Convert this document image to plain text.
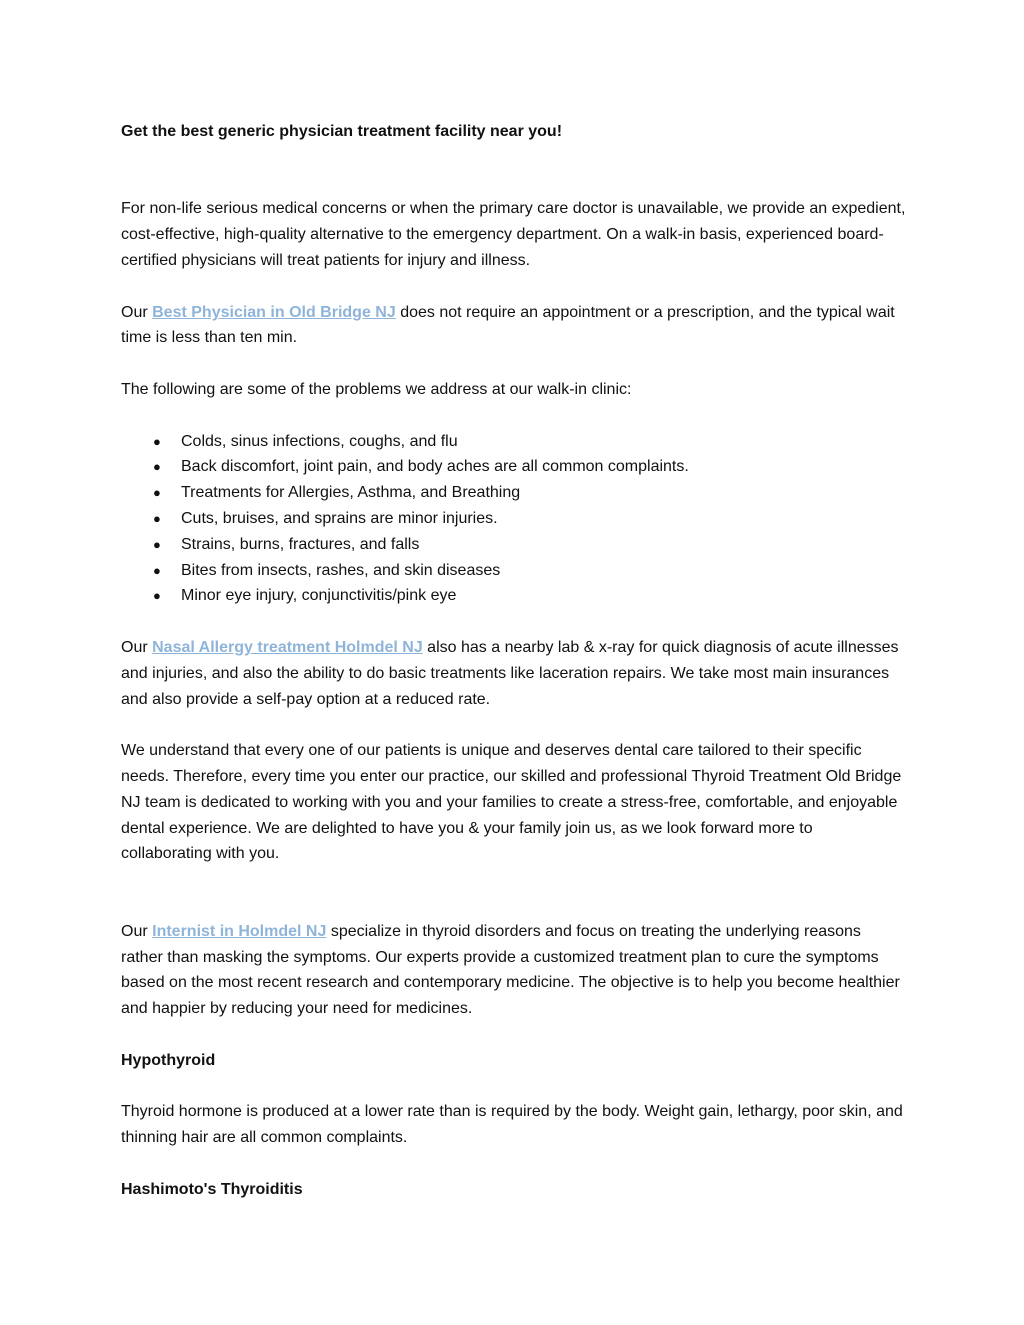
Get the best generic physician treatment facility near you!

For non-life serious medical concerns or when the primary care doctor is unavailable, we provide an expedient, cost-effective, high-quality alternative to the emergency department. On a walk-in basis, experienced board-certified physicians will treat patients for injury and illness.

Our Best Physician in Old Bridge NJ does not require an appointment or a prescription, and the typical wait time is less than ten min.

The following are some of the problems we address at our walk-in clinic:

● Colds, sinus infections, coughs, and flu
● Back discomfort, joint pain, and body aches are all common complaints.
● Treatments for Allergies, Asthma, and Breathing
● Cuts, bruises, and sprains are minor injuries.
● Strains, burns, fractures, and falls
● Bites from insects, rashes, and skin diseases
● Minor eye injury, conjunctivitis/pink eye

Our Nasal Allergy treatment Holmdel NJ also has a nearby lab & x-ray for quick diagnosis of acute illnesses and injuries, and also the ability to do basic treatments like laceration repairs. We take most main insurances and also provide a self-pay option at a reduced rate.

We understand that every one of our patients is unique and deserves dental care tailored to their specific needs. Therefore, every time you enter our practice, our skilled and professional Thyroid Treatment Old Bridge NJ team is dedicated to working with you and your families to create a stress-free, comfortable, and enjoyable dental experience. We are delighted to have you & your family join us, as we look forward more to collaborating with you.

Our Internist in Holmdel NJ specialize in thyroid disorders and focus on treating the underlying reasons rather than masking the symptoms. Our experts provide a customized treatment plan to cure the symptoms based on the most recent research and contemporary medicine. The objective is to help you become healthier and happier by reducing your need for medicines.

Hypothyroid

Thyroid hormone is produced at a lower rate than is required by the body. Weight gain, lethargy, poor skin, and thinning hair are all common complaints.

Hashimoto's Thyroiditis
